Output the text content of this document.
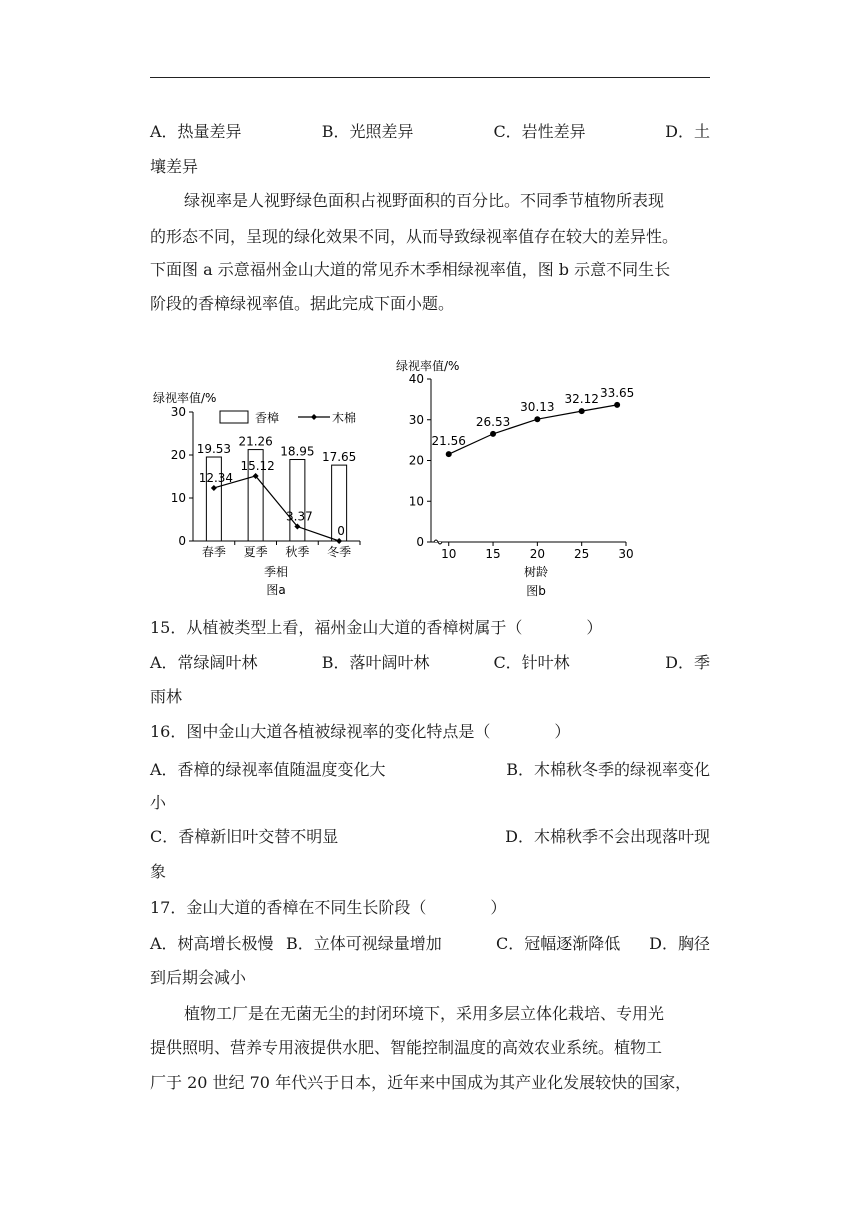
A．热量差异	B．光照差异	C．岩性差异	D．土
壤差异
绿视率是人视野绿色面积占视野面积的百分比。不同季节植物所表现
的形态不同，呈现的绿化效果不同，从而导致绿视率值存在较大的差异性。
下面图 a 示意福州金山大道的常见乔木季相绿视率值，图 b 示意不同生长
阶段的香樟绿视率值。据此完成下面小题。
绿视率值/%
0
10
20
30
春季 夏季 秋季 冬季
香樟	木棉
19.53
21.26
18.95 17.65
12.34
15.12
3.37
0
季相
图a
绿视率值/%
0
10
20
30
40
10 15 20 25 30
21.56
26.53
30.13
32.12 33.65
树龄
图b
15．从植被类型上看，福州金山大道的香樟树属于（　　　　）
A．常绿阔叶林	B．落叶阔叶林	C．针叶林	D．季
雨林
16．图中金山大道各植被绿视率的变化特点是（　　　　）
A．香樟的绿视率值随温度变化大	B．木棉秋冬季的绿视率变化
小
C．香樟新旧叶交替不明显	D．木棉秋季不会出现落叶现
象
17．金山大道的香樟在不同生长阶段（　　　　）
A．树高增长极慢 B．立体可视绿量增加	C．冠幅逐渐降低	D．胸径
到后期会减小
植物工厂是在无菌无尘的封闭环境下，采用多层立体化栽培、专用光
提供照明、营养专用液提供水肥、智能控制温度的高效农业系统。植物工
厂于 20 世纪 70 年代兴于日本，近年来中国成为其产业化发展较快的国家，
